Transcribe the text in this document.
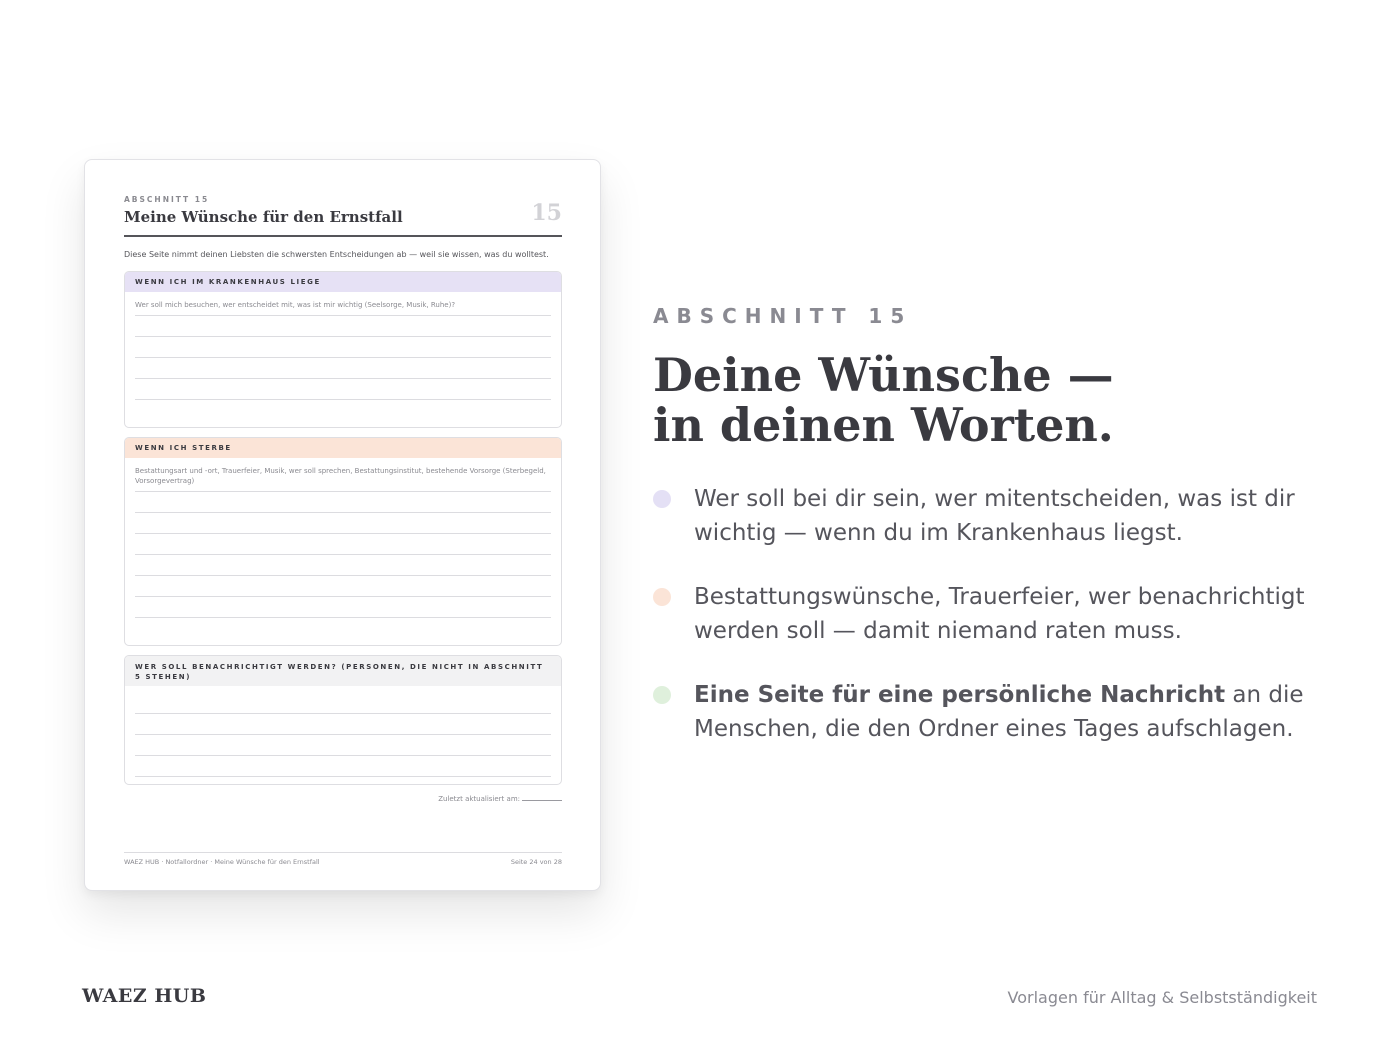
ABSCHNITT 15
Meine Wünsche für den Ernstfall	15
Diese Seite nimmt deinen Liebsten die schwersten Entscheidungen ab — weil sie wissen, was du wolltest.
WENN ICH IM KRANKENHAUS LIEGE
Wer soll mich besuchen, wer entscheidet mit, was ist mir wichtig (Seelsorge, Musik, Ruhe)?
WENN ICH STERBE
Bestattungsart und -ort, Trauerfeier, Musik, wer soll sprechen, Bestattungsinstitut, bestehende Vorsorge (Sterbegeld, Vorsorgevertrag)
WER SOLL BENACHRICHTIGT WERDEN? (PERSONEN, DIE NICHT IN ABSCHNITT 5 STEHEN)
Zuletzt aktualisiert am:
WAEZ HUB · Notfallordner · Meine Wünsche für den Ernstfall	Seite 24 von 28
ABSCHNITT 15
Deine Wünsche —
in deinen Worten.
Wer soll bei dir sein, wer mitentscheiden, was ist dir wichtig — wenn du im Krankenhaus liegst.
Bestattungswünsche, Trauerfeier, wer benachrichtigt werden soll — damit niemand raten muss.
Eine Seite für eine persönliche Nachricht an die Menschen, die den Ordner eines Tages aufschlagen.
WAEZ HUB	Vorlagen für Alltag & Selbstständigkeit
